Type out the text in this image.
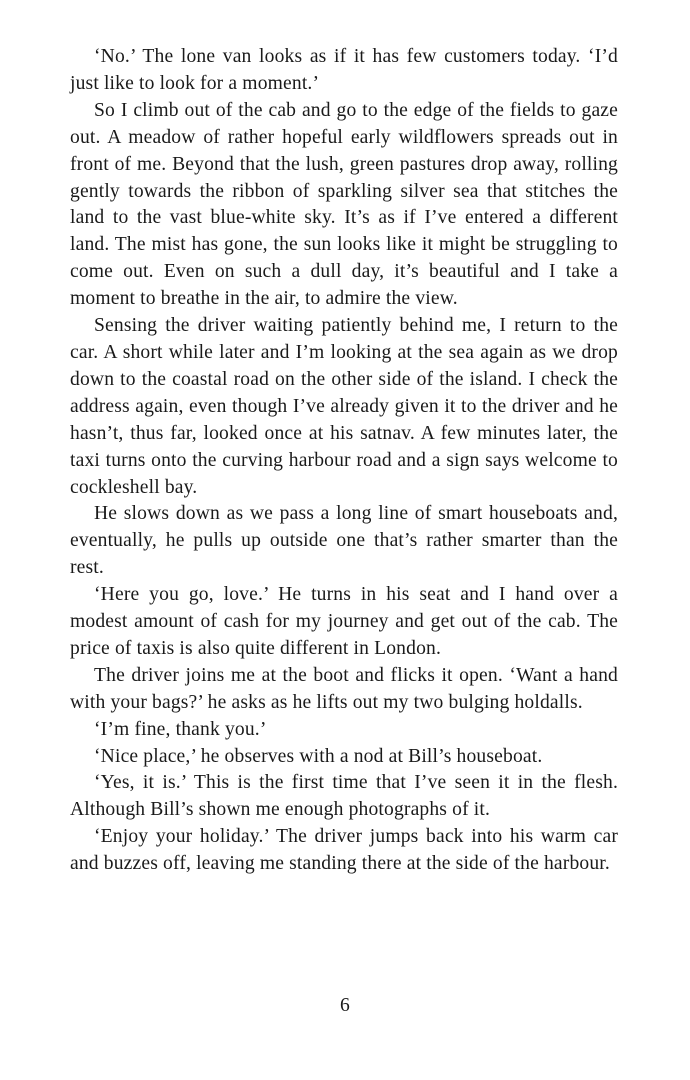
‘No.’ The lone van looks as if it has few customers today. ‘I’d just like to look for a moment.’

So I climb out of the cab and go to the edge of the fields to gaze out. A meadow of rather hopeful early wildflowers spreads out in front of me. Beyond that the lush, green pastures drop away, rolling gently towards the ribbon of sparkling silver sea that stitches the land to the vast blue-white sky. It’s as if I’ve entered a different land. The mist has gone, the sun looks like it might be struggling to come out. Even on such a dull day, it’s beautiful and I take a moment to breathe in the air, to admire the view.

Sensing the driver waiting patiently behind me, I return to the car. A short while later and I’m looking at the sea again as we drop down to the coastal road on the other side of the island. I check the address again, even though I’ve already given it to the driver and he hasn’t, thus far, looked once at his satnav. A few minutes later, the taxi turns onto the curving harbour road and a sign says welcome to cockleshell bay.

He slows down as we pass a long line of smart houseboats and, eventually, he pulls up outside one that’s rather smarter than the rest.

‘Here you go, love.’ He turns in his seat and I hand over a modest amount of cash for my journey and get out of the cab. The price of taxis is also quite different in London.

The driver joins me at the boot and flicks it open. ‘Want a hand with your bags?’ he asks as he lifts out my two bulging holdalls.

‘I’m fine, thank you.’

‘Nice place,’ he observes with a nod at Bill’s houseboat.

‘Yes, it is.’ This is the first time that I’ve seen it in the flesh. Although Bill’s shown me enough photographs of it.

‘Enjoy your holiday.’ The driver jumps back into his warm car and buzzes off, leaving me standing there at the side of the harbour.

6
